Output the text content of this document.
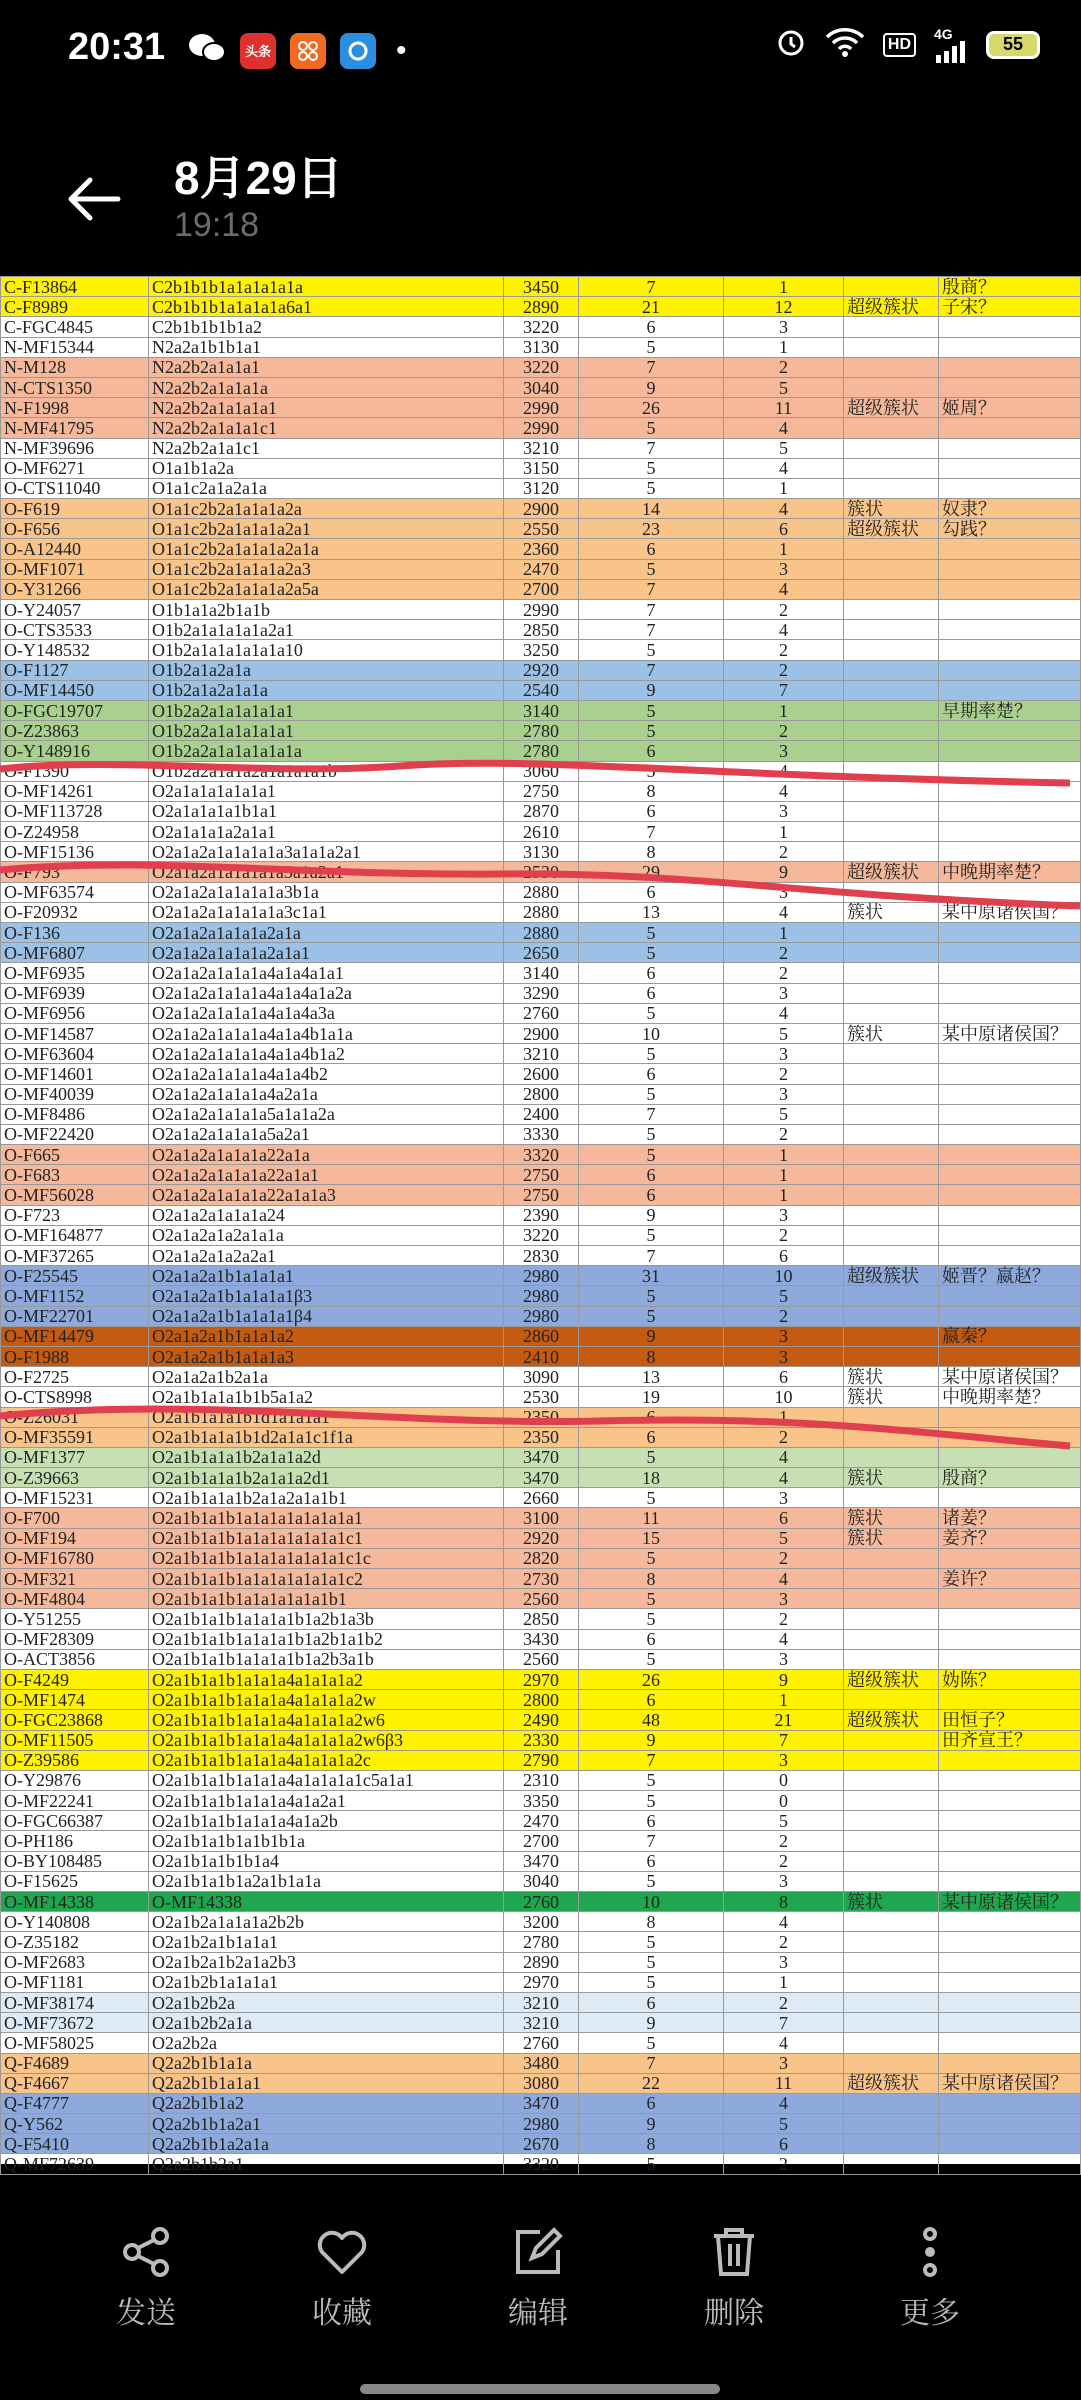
20:31	头条	•	HD
4G
55
8月29日
19:18
C-F13864	C2b1b1b1a1a1a1a1a	3450	7	1		殷商？
C-F8989	C2b1b1b1a1a1a1a6a1	2890	21	12	超级簇状	子宋？
C-FGC4845	C2b1b1b1b1a2	3220	6	3		
N-MF15344	N2a2a1b1b1a1	3130	5	1		
N-M128	N2a2b2a1a1a1	3220	7	2		
N-CTS1350	N2a2b2a1a1a1a	3040	9	5		
N-F1998	N2a2b2a1a1a1a1	2990	26	11	超级簇状	姬周？
N-MF41795	N2a2b2a1a1a1c1	2990	5	4		
N-MF39696	N2a2b2a1a1c1	3210	7	5		
O-MF6271	O1a1b1a2a	3150	5	4		
O-CTS11040	O1a1c2a1a2a1a	3120	5	1		
O-F619	O1a1c2b2a1a1a1a2a	2900	14	4	簇状	奴隶？
O-F656	O1a1c2b2a1a1a1a2a1	2550	23	6	超级簇状	勾践？
O-A12440	O1a1c2b2a1a1a1a2a1a	2360	6	1		
O-MF1071	O1a1c2b2a1a1a1a2a3	2470	5	3		
O-Y31266	O1a1c2b2a1a1a1a2a5a	2700	7	4		
O-Y24057	O1b1a1a2b1a1b	2990	7	2		
O-CTS3533	O1b2a1a1a1a1a2a1	2850	7	4		
O-Y148532	O1b2a1a1a1a1a1a10	3250	5	2		
O-F1127	O1b2a1a2a1a	2920	7	2		
O-MF14450	O1b2a1a2a1a1a	2540	9	7		
O-FGC19707	O1b2a2a1a1a1a1a1	3140	5	1		早期率楚？
O-Z23863	O1b2a2a1a1a1a1a1	2780	5	2		
O-Y148916	O1b2a2a1a1a1a1a1a	2780	6	3		
O-F1390	O1b2a2a1a1a2a1a1a1a1b	3060	5	4		
O-MF14261	O2a1a1a1a1a1a1	2750	8	4		
O-MF113728	O2a1a1a1a1b1a1	2870	6	3		
O-Z24958	O2a1a1a1a2a1a1	2610	7	1		
O-MF15136	O2a1a2a1a1a1a1a3a1a1a2a1	3130	8	2		
O-F793	O2a1a2a1a1a1a1a3a1a2a1	2530	29	9	超级簇状	中晚期率楚？
O-MF63574	O2a1a2a1a1a1a1a3b1a	2880	6	3		
O-F20932	O2a1a2a1a1a1a1a3c1a1	2880	13	4	簇状	某中原诸侯国？
O-F136	O2a1a2a1a1a1a2a1a	2880	5	1		
O-MF6807	O2a1a2a1a1a1a2a1a1	2650	5	2		
O-MF6935	O2a1a2a1a1a1a4a1a4a1a1	3140	6	2		
O-MF6939	O2a1a2a1a1a1a4a1a4a1a2a	3290	6	3		
O-MF6956	O2a1a2a1a1a1a4a1a4a3a	2760	5	4		
O-MF14587	O2a1a2a1a1a1a4a1a4b1a1a	2900	10	5	簇状	某中原诸侯国？
O-MF63604	O2a1a2a1a1a1a4a1a4b1a2	3210	5	3		
O-MF14601	O2a1a2a1a1a1a4a1a4b2	2600	6	2		
O-MF40039	O2a1a2a1a1a1a4a2a1a	2800	5	3		
O-MF8486	O2a1a2a1a1a1a5a1a1a2a	2400	7	5		
O-MF22420	O2a1a2a1a1a1a5a2a1	3330	5	2		
O-F665	O2a1a2a1a1a1a22a1a	3320	5	1		
O-F683	O2a1a2a1a1a1a22a1a1	2750	6	1		
O-MF56028	O2a1a2a1a1a1a22a1a1a3	2750	6	1		
O-F723	O2a1a2a1a1a1a24	2390	9	3		
O-MF164877	O2a1a2a1a2a1a1a	3220	5	2		
O-MF37265	O2a1a2a1a2a2a1	2830	7	6		
O-F25545	O2a1a2a1b1a1a1a1	2980	31	10	超级簇状	姬晋？嬴赵？
O-MF1152	O2a1a2a1b1a1a1a1β3	2980	5	5		
O-MF22701	O2a1a2a1b1a1a1a1β4	2980	5	2		
O-MF14479	O2a1a2a1b1a1a1a2	2860	9	3		嬴秦？
O-F1988	O2a1a2a1b1a1a1a3	2410	8	3		
O-F2725	O2a1a2a1b2a1a	3090	13	6	簇状	某中原诸侯国？
O-CTS8998	O2a1b1a1a1b1b5a1a2	2530	19	10	簇状	中晚期率楚？
O-Z26031	O2a1b1a1a1b1d1a1a1a1	2350	6	1		
O-MF35591	O2a1b1a1a1b1d2a1a1c1f1a	2350	6	2		
O-MF1377	O2a1b1a1a1b2a1a1a2d	3470	5	4		
O-Z39663	O2a1b1a1a1b2a1a1a2d1	3470	18	4	簇状	殷商？
O-MF15231	O2a1b1a1a1b2a1a2a1a1b1	2660	5	3		
O-F700	O2a1b1a1b1a1a1a1a1a1a1a1	3100	11	6	簇状	诸姜？
O-MF194	O2a1b1a1b1a1a1a1a1a1a1c1	2920	15	5	簇状	姜齐？
O-MF16780	O2a1b1a1b1a1a1a1a1a1a1c1c	2820	5	2		
O-MF321	O2a1b1a1b1a1a1a1a1a1a1c2	2730	8	4		姜许？
O-MF4804	O2a1b1a1b1a1a1a1a1a1b1	2560	5	3		
O-Y51255	O2a1b1a1b1a1a1a1b1a2b1a3b	2850	5	2		
O-MF28309	O2a1b1a1b1a1a1a1b1a2b1a1b2	3430	6	4		
O-ACT3856	O2a1b1a1b1a1a1a1b1a2b3a1b	2560	5	3		
O-F4249	O2a1b1a1b1a1a1a4a1a1a1a2	2970	26	9	超级簇状	妫陈？
O-MF1474	O2a1b1a1b1a1a1a4a1a1a1a2w	2800	6	1		
O-FGC23868	O2a1b1a1b1a1a1a4a1a1a1a2w6	2490	48	21	超级簇状	田恒子？
O-MF11505	O2a1b1a1b1a1a1a4a1a1a1a2w6β3	2330	9	7		田齐宣王？
O-Z39586	O2a1b1a1b1a1a1a4a1a1a1a2c	2790	7	3		
O-Y29876	O2a1b1a1b1a1a1a4a1a1a1a1c5a1a1	2310	5	0		
O-MF22241	O2a1b1a1b1a1a1a4a1a2a1	3350	5	0		
O-FGC66387	O2a1b1a1b1a1a1a4a1a2b	2470	6	5		
O-PH186	O2a1b1a1b1a1b1b1a	2700	7	2		
O-BY108485	O2a1b1a1b1b1a4	3470	6	2		
O-F15625	O2a1b1a1b1a2a1b1a1a	3040	5	3		
O-MF14338	O-MF14338	2760	10	8	簇状	某中原诸侯国？
O-Y140808	O2a1b2a1a1a1a2b2b	3200	8	4		
O-Z35182	O2a1b2a1b1a1a1	2780	5	2		
O-MF2683	O2a1b2a1b2a1a2b3	2890	5	3		
O-MF1181	O2a1b2b1a1a1a1	2970	5	1		
O-MF38174	O2a1b2b2a	3210	6	2		
O-MF73672	O2a1b2b2a1a	3210	9	7		
O-MF58025	O2a2b2a	2760	5	4		
Q-F4689	Q2a2b1b1a1a	3480	7	3		
Q-F4667	Q2a2b1b1a1a1	3080	22	11	超级簇状	某中原诸侯国？
Q-F4777	Q2a2b1b1a2	3470	6	4		
Q-Y562	Q2a2b1b1a2a1	2980	9	5		
Q-F5410	Q2a2b1b1a2a1a	2670	8	6		
Q-MF72639	Q2a2b1b2a1	3320	5	2		
发送	收藏	编辑	删除	更多
